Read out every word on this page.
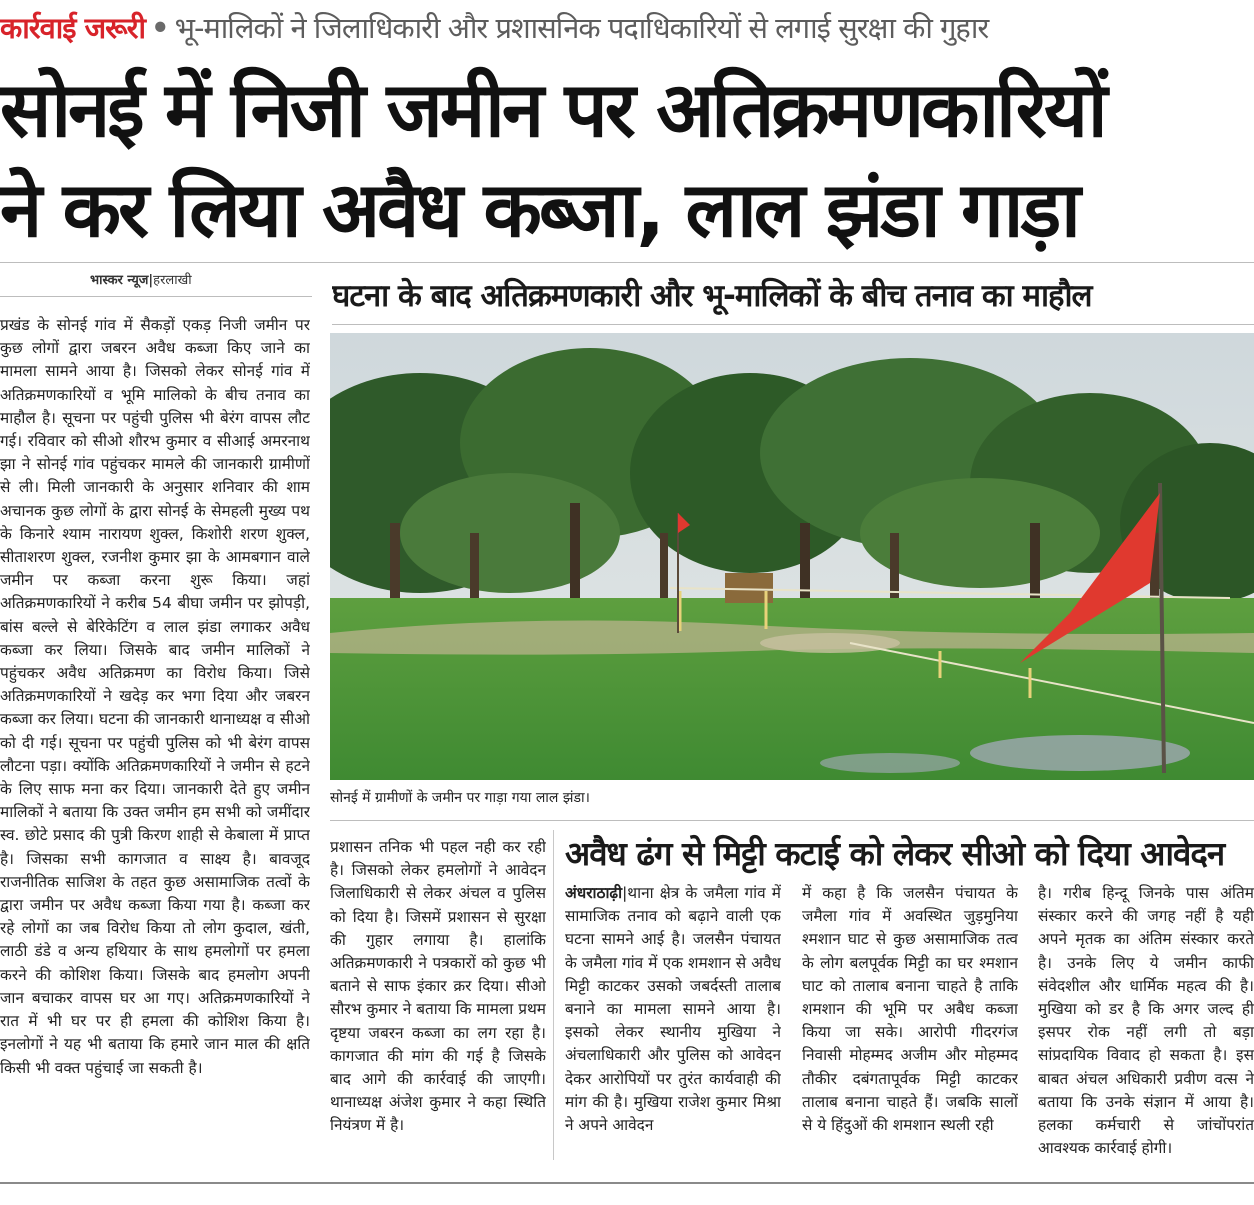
कार्रवाई जरूरी • भू-मालिकों ने जिलाधिकारी और प्रशासनिक पदाधिकारियों से लगाई सुरक्षा की गुहार
सोनई में निजी जमीन पर अतिक्रमणकारियों
ने कर लिया अवैध कब्जा, लाल झंडा गाड़ा
भास्कर न्यूज|हरलाखी	घटना के बाद अतिक्रमणकारी और भू-मालिकों के बीच तनाव का माहौल
प्रखंड के सोनई गांव में सैकड़ों एकड़ निजी जमीन पर कुछ लोगों द्वारा जबरन अवैध कब्जा किए जाने का मामला सामने आया है। जिसको लेकर सोनई गांव में अतिक्रमणकारियों व भूमि मालिको के बीच तनाव का माहौल है। सूचना पर पहुंची पुलिस भी बेरंग वापस लौट गई। रविवार को सीओ शौरभ कुमार व सीआई अमरनाथ झा ने सोनई गांव पहुंचकर मामले की जानकारी ग्रामीणों से ली। मिली जानकारी के अनुसार शनिवार की शाम अचानक कुछ लोगों के द्वारा सोनई के सेमहली मुख्य पथ के किनारे श्याम नारायण शुक्ल, किशोरी शरण शुक्ल, सीताशरण शुक्ल, रजनीश कुमार झा के आमबगान वाले जमीन पर कब्जा करना शुरू किया। जहां अतिक्रमणकारियों ने करीब 54 बीघा जमीन पर झोपड़ी, बांस बल्ले से बेरिकेटिंग व लाल झंडा लगाकर अवैध कब्जा कर लिया। जिसके बाद जमीन मालिकों ने पहुंचकर अवैध अतिक्रमण का विरोध किया। जिसे अतिक्रमणकारियों ने खदेड़ कर भगा दिया और जबरन कब्जा कर लिया। घटना की जानकारी थानाध्यक्ष व सीओ को दी गई। सूचना पर पहुंची पुलिस को भी बेरंग वापस लौटना पड़ा। क्योंकि अतिक्रमणकारियों ने जमीन से हटने के लिए साफ मना कर दिया। जानकारी देते हुए जमीन मालिकों ने बताया कि उक्त जमीन हम सभी को जमींदार स्व. छोटे प्रसाद की पुत्री किरण शाही से केबाला में प्राप्त है। जिसका सभी कागजात व साक्ष्य है। बावजूद राजनीतिक साजिश के तहत कुछ असामाजिक तत्वों के द्वारा जमीन पर अवैध कब्जा किया गया है। कब्जा कर रहे लोगों का जब विरोध किया तो लोग कुदाल, खंती, लाठी डंडे व अन्य हथियार के साथ हमलोगों पर हमला करने की कोशिश किया। जिसके बाद हमलोग अपनी जान बचाकर वापस घर आ गए। अतिक्रमणकारियों ने रात में भी घर पर ही हमला की कोशिश किया है। इनलोगों ने यह भी बताया कि हमारे जान माल की क्षति किसी भी वक्त पहुंचाई जा सकती है।
सोनई में ग्रामीणों के जमीन पर गाड़ा गया लाल झंडा।
प्रशासन तनिक भी पहल नही कर रही है। जिसको लेकर हमलोगों ने आवेदन जिलाधिकारी से लेकर अंचल व पुलिस को दिया है। जिसमें प्रशासन से सुरक्षा की गुहार लगाया है। हालांकि अतिक्रमणकारी ने पत्रकारों को कुछ भी बताने से साफ इंकार क्रर दिया। सीओ सौरभ कुमार ने बताया कि मामला प्रथम दृष्टया जबरन कब्जा का लग रहा है। कागजात की मांग की गई है जिसके बाद आगे की कार्रवाई की जाएगी। थानाध्यक्ष अंजेश कुमार ने कहा स्थिति नियंत्रण में है।
अवैध ढंग से मिट्टी कटाई को लेकर सीओ को दिया आवेदन
अंधराठाढ़ी|थाना क्षेत्र के जमैला गांव में सामाजिक तनाव को बढ़ाने वाली एक घटना सामने आई है। जलसैन पंचायत के जमैला गांव में एक शमशान से अवैध मिट्टी काटकर उसको जबर्दस्ती तालाब बनाने का मामला सामने आया है। इसको लेकर स्थानीय मुखिया ने अंचलाधिकारी और पुलिस को आवेदन देकर आरोपियों पर तुरंत कार्यवाही की मांग की है। मुखिया राजेश कुमार मिश्रा ने अपने आवेदन
में कहा है कि जलसैन पंचायत के जमैला गांव में अवस्थित जुड़मुनिया श्मशान घाट से कुछ असामाजिक तत्व के लोग बलपूर्वक मिट्टी का घर श्मशान घाट को तालाब बनाना चाहते है ताकि शमशान की भूमि पर अबैध कब्जा किया जा सके। आरोपी गीदरगंज निवासी मोहम्मद अजीम और मोहम्मद तौकीर दबंगतापूर्वक मिट्टी काटकर तालाब बनाना चाहते हैं। जबकि सालों से ये हिंदुओं की शमशान स्थली रही
है। गरीब हिन्दू जिनके पास अंतिम संस्कार करने की जगह नहीं है यही अपने मृतक का अंतिम संस्कार करते है। उनके लिए ये जमीन काफी संवेदशील और धार्मिक महत्व की है। मुखिया को डर है कि अगर जल्द ही इसपर रोक नहीं लगी तो बड़ा सांप्रदायिक विवाद हो सकता है। इस बाबत अंचल अधिकारी प्रवीण वत्स ने बताया कि उनके संज्ञान में आया है। हलका कर्मचारी से जांचोंपरांत आवश्यक कार्रवाई होगी।
